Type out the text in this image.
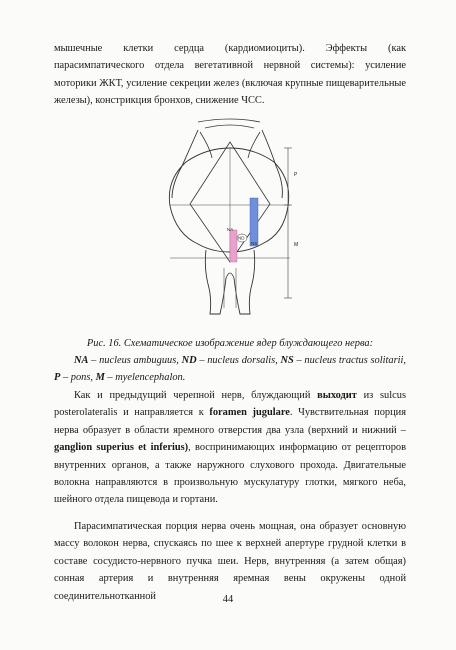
мышечные клетки сердца (кардиомиоциты). Эффекты (как парасимпатического отдела вегетативной нервной системы): усиление моторики ЖКТ, усиление секреции желез (включая крупные пищеварительные железы), констрикция бронхов, снижение ЧСС.

NA
ND
NS
P
M
Рис. 16. Схематическое изображение ядер блуждающего нерва:
NA – nucleus ambuguus, ND – nucleus dorsalis, NS – nucleus tractus solitarii, P – pons, M – myelencephalon.

Как и предыдущий черепной нерв, блуждающий выходит из sulcus posterolateralis и направляется к foramen jugulare. Чувствительная порция нерва образует в области яремного отверстия два узла (верхний и нижний – ganglion superius et inferius), воспринимающих информацию от рецепторов внутренних органов, а также наружного слухового прохода. Двигательные волокна направляются в произвольную мускулатуру глотки, мягкого неба, шейного отдела пищевода и гортани.

Парасимпатическая порция нерва очень мощная, она образует основную массу волокон нерва, спускаясь по шее к верхней апертуре грудной клетки в составе сосудисто-нервного пучка шеи. Нерв, внутренняя (а затем общая) сонная артерия и внутренняя яремная вены окружены одной соединительнотканной	44
